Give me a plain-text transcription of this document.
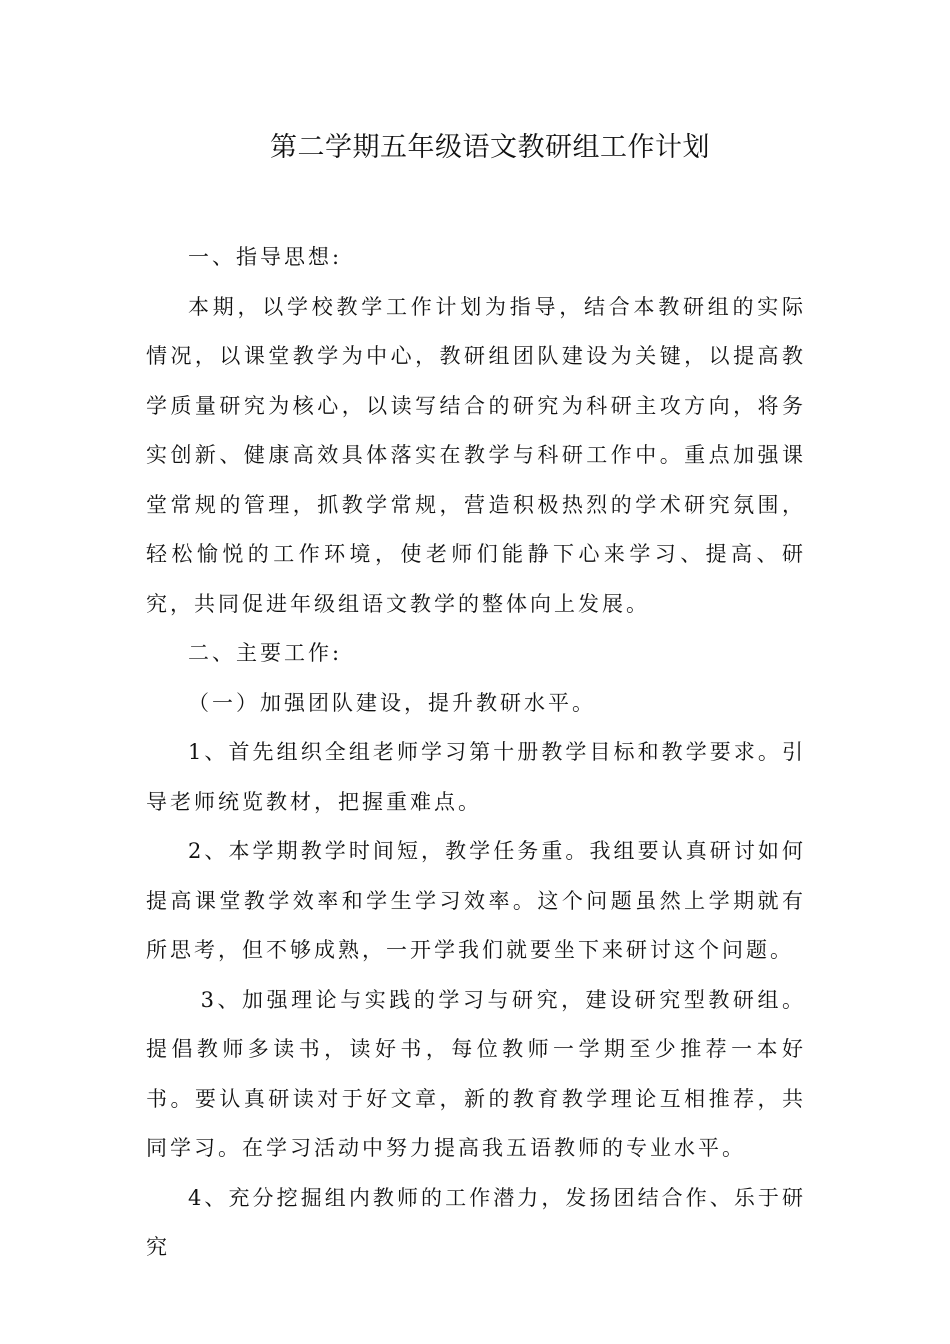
第二学期五年级语文教研组工作计划

一、指导思想:

本期，以学校教学工作计划为指导，结合本教研组的实际情况，以课堂教学为中心，教研组团队建设为关键，以提高教学质量研究为核心，以读写结合的研究为科研主攻方向，将务实创新、健康高效具体落实在教学与科研工作中。重点加强课堂常规的管理，抓教学常规，营造积极热烈的学术研究氛围，轻松愉悦的工作环境，使老师们能静下心来学习、提高、研究，共同促进年级组语文教学的整体向上发展。

二、主要工作:

（一）加强团队建设，提升教研水平。

1、首先组织全组老师学习第十册教学目标和教学要求。引导老师统览教材，把握重难点。

2、本学期教学时间短，教学任务重。我组要认真研讨如何提高课堂教学效率和学生学习效率。这个问题虽然上学期就有所思考，但不够成熟，一开学我们就要坐下来研讨这个问题。

3、加强理论与实践的学习与研究，建设研究型教研组。提倡教师多读书，读好书，每位教师一学期至少推荐一本好书。要认真研读对于好文章，新的教育教学理论互相推荐，共同学习。在学习活动中努力提高我五语教师的专业水平。

4、充分挖掘组内教师的工作潜力，发扬团结合作、乐于研究
